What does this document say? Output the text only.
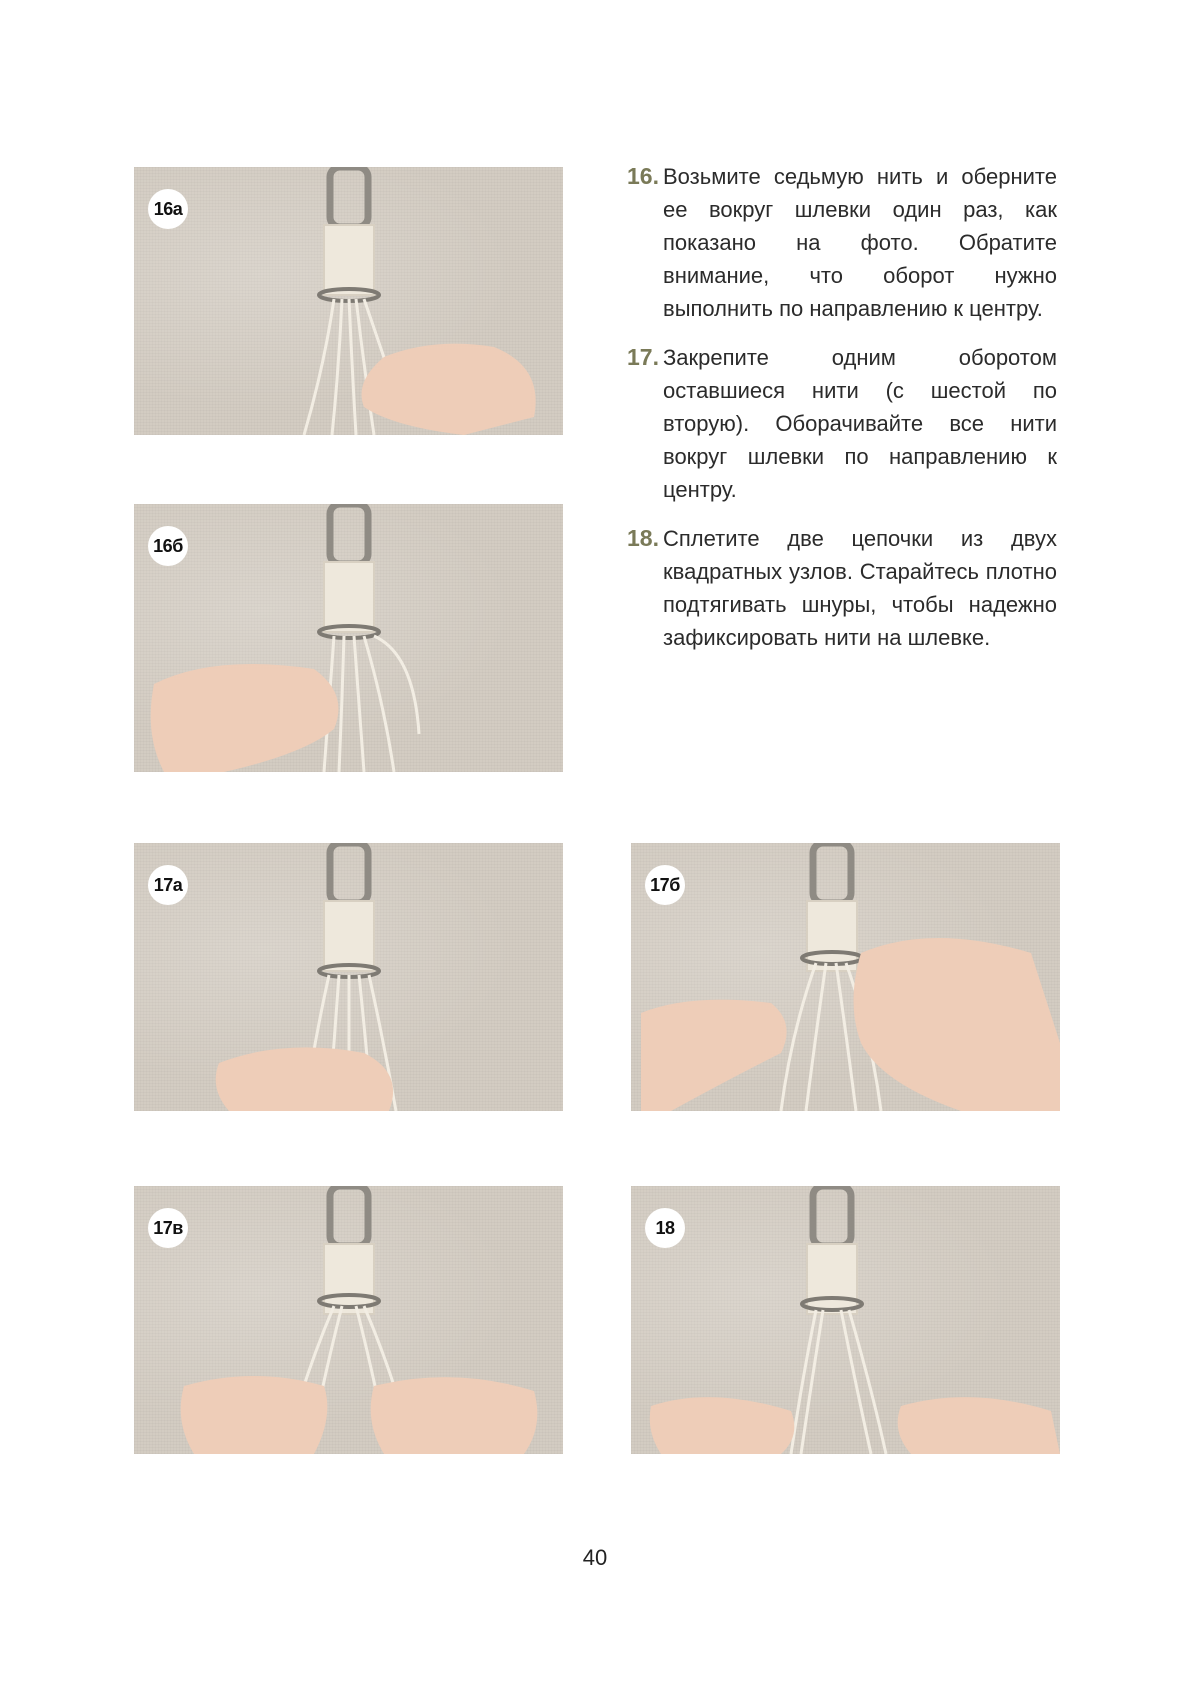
16а
16б
17а	17б
17в	18
16. Возьмите седьмую нить и оберните ее вокруг шлевки один раз, как показано на фото. Обратите внимание, что оборот нужно выполнить по направлению к центру.
17. Закрепите одним оборотом оставшиеся нити (с шестой по вторую). Оборачивайте все нити вокруг шлевки по направлению к центру.
18. Сплетите две цепочки из двух квадратных узлов. Старайтесь плотно подтягивать шнуры, чтобы надежно зафиксировать нити на шлевке.
40
